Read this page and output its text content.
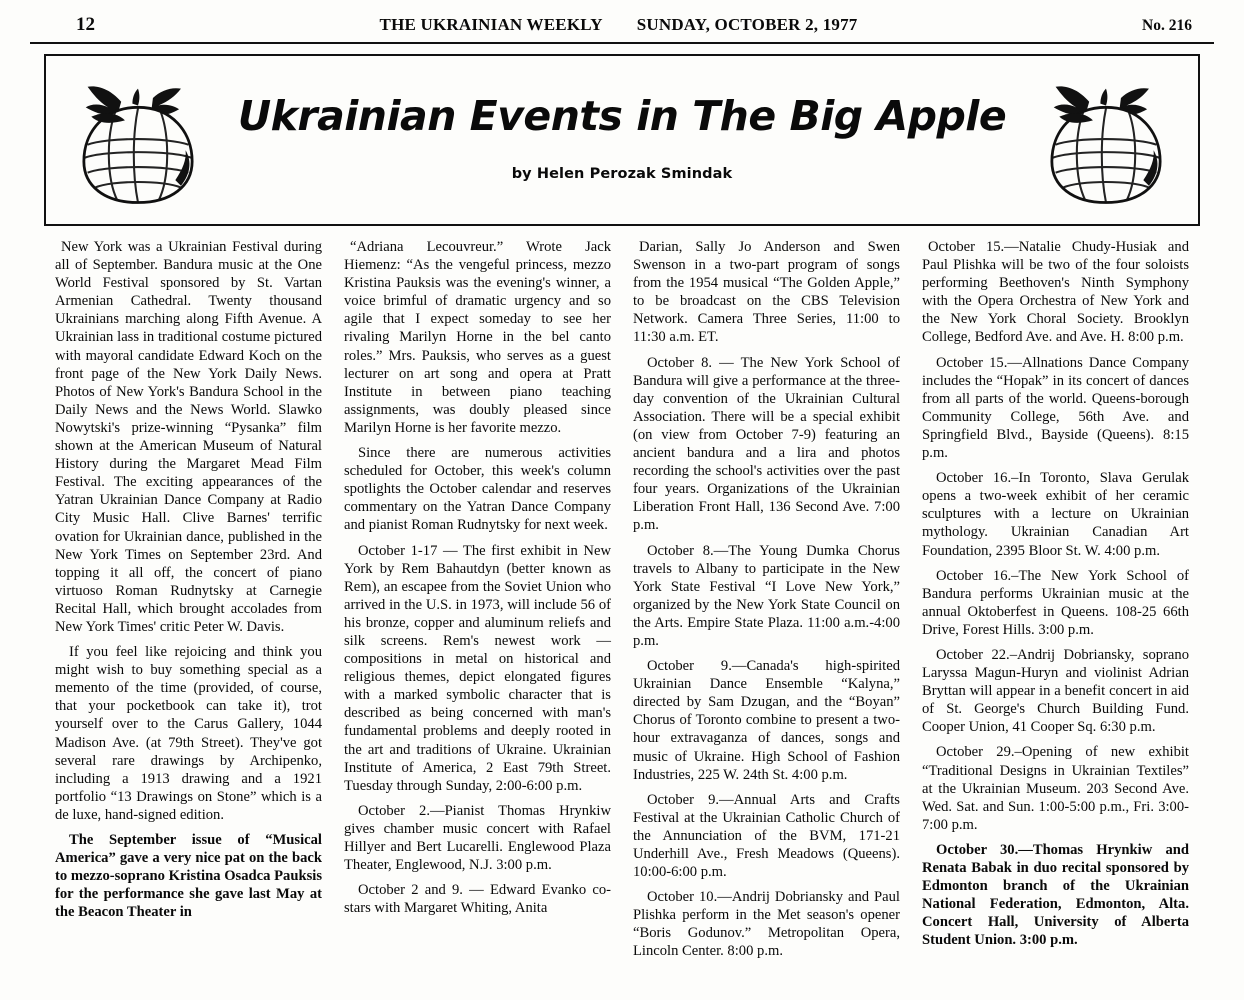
12	THE UKRAINIAN WEEKLY SUNDAY, OCTOBER 2, 1977	No. 216
Ukrainian Events in The Big Apple
by Helen Perozak Smindak

New York was a Ukrainian Festival during all of September. Bandura music at the One World Festival sponsored by St. Vartan Armenian Cathedral. Twenty thousand Ukrainians marching along Fifth Avenue. A Ukrainian lass in traditional costume pictured with mayoral candidate Edward Koch on the front page of the New York Daily News. Photos of New York's Bandura School in the Daily News and the News World. Slawko Nowytski's prize-winning “Pysanka” film shown at the American Museum of Natural History during the Margaret Mead Film Festival. The exciting appearances of the Yatran Ukrainian Dance Company at Radio City Music Hall. Clive Barnes' terrific ovation for Ukrainian dance, published in the New York Times on September 23rd. And topping it all off, the concert of piano virtuoso Roman Rudnytsky at Carnegie Recital Hall, which brought accolades from New York Times' critic Peter W. Davis.

If you feel like rejoicing and think you might wish to buy something special as a memento of the time (provided, of course, that your pocketbook can take it), trot yourself over to the Carus Gallery, 1044 Madison Ave. (at 79th Street). They've got several rare drawings by Archipenko, including a 1913 drawing and a 1921 portfolio “13 Drawings on Stone” which is a de luxe, hand-signed edition.

The September issue of “Musical America” gave a very nice pat on the back to mezzo-soprano Kristina Osadca Pauksis for the performance she gave last May at the Beacon Theater in

“Adriana Lecouvreur.” Wrote Jack Hiemenz: “As the vengeful princess, mezzo Kristina Pauksis was the evening's winner, a voice brimful of dramatic urgency and so agile that I expect someday to see her rivaling Marilyn Horne in the bel canto roles.” Mrs. Pauksis, who serves as a guest lecturer on art song and opera at Pratt Institute in between piano teaching assignments, was doubly pleased since Marilyn Horne is her favorite mezzo.

Since there are numerous activities scheduled for October, this week's column spotlights the October calendar and reserves commentary on the Yatran Dance Company and pianist Roman Rudnytsky for next week.

October 1-17 — The first exhibit in New York by Rem Bahautdyn (better known as Rem), an escapee from the Soviet Union who arrived in the U.S. in 1973, will include 56 of his bronze, copper and aluminum reliefs and silk screens. Rem's newest work — compositions in metal on historical and religious themes, depict elongated figures with a marked symbolic character that is described as being concerned with man's fundamental problems and deeply rooted in the art and traditions of Ukraine. Ukrainian Institute of America, 2 East 79th Street. Tuesday through Sunday, 2:00-6:00 p.m.

October 2.—Pianist Thomas Hrynkiw gives chamber music concert with Rafael Hillyer and Bert Lucarelli. Englewood Plaza Theater, Englewood, N.J. 3:00 p.m.

October 2 and 9. — Edward Evanko co-stars with Margaret Whiting, Anita

Darian, Sally Jo Anderson and Swen Swenson in a two-part program of songs from the 1954 musical “The Golden Apple,” to be broadcast on the CBS Television Network. Camera Three Series, 11:00 to 11:30 a.m. ET.

October 8. — The New York School of Bandura will give a performance at the three-day convention of the Ukrainian Cultural Association. There will be a special exhibit (on view from October 7-9) featuring an ancient bandura and a lira and photos recording the school's activities over the past four years. Organizations of the Ukrainian Liberation Front Hall, 136 Second Ave. 7:00 p.m.

October 8.—The Young Dumka Chorus travels to Albany to participate in the New York State Festival “I Love New York,” organized by the New York State Council on the Arts. Empire State Plaza. 11:00 a.m.-4:00 p.m.

October 9.—Canada's high-spirited Ukrainian Dance Ensemble “Kalyna,” directed by Sam Dzugan, and the “Boyan” Chorus of Toronto combine to present a two-hour extravaganza of dances, songs and music of Ukraine. High School of Fashion Industries, 225 W. 24th St. 4:00 p.m.

October 9.—Annual Arts and Crafts Festival at the Ukrainian Catholic Church of the Annunciation of the BVM, 171-21 Underhill Ave., Fresh Meadows (Queens). 10:00-6:00 p.m.

October 10.—Andrij Dobriansky and Paul Plishka perform in the Met season's opener “Boris Godunov.” Metropolitan Opera, Lincoln Center. 8:00 p.m.

October 15.—Natalie Chudy-Husiak and Paul Plishka will be two of the four soloists performing Beethoven's Ninth Symphony with the Opera Orchestra of New York and the New York Choral Society. Brooklyn College, Bedford Ave. and Ave. H. 8:00 p.m.

October 15.—Allnations Dance Company includes the “Hopak” in its concert of dances from all parts of the world. Queens-borough Community College, 56th Ave. and Springfield Blvd., Bayside (Queens). 8:15 p.m.

October 16.–In Toronto, Slava Gerulak opens a two-week exhibit of her ceramic sculptures with a lecture on Ukrainian mythology. Ukrainian Canadian Art Foundation, 2395 Bloor St. W. 4:00 p.m.

October 16.–The New York School of Bandura performs Ukrainian music at the annual Oktoberfest in Queens. 108-25 66th Drive, Forest Hills. 3:00 p.m.

October 22.–Andrij Dobriansky, soprano Laryssa Magun-Huryn and violinist Adrian Bryttan will appear in a benefit concert in aid of St. George's Church Building Fund. Cooper Union, 41 Cooper Sq. 6:30 p.m.

October 29.–Opening of new exhibit “Traditional Designs in Ukrainian Textiles” at the Ukrainian Museum. 203 Second Ave. Wed. Sat. and Sun. 1:00-5:00 p.m., Fri. 3:00-7:00 p.m.

October 30.—Thomas Hrynkiw and Renata Babak in duo recital sponsored by Edmonton branch of the Ukrainian National Federation, Edmonton, Alta. Concert Hall, University of Alberta Student Union. 3:00 p.m.
